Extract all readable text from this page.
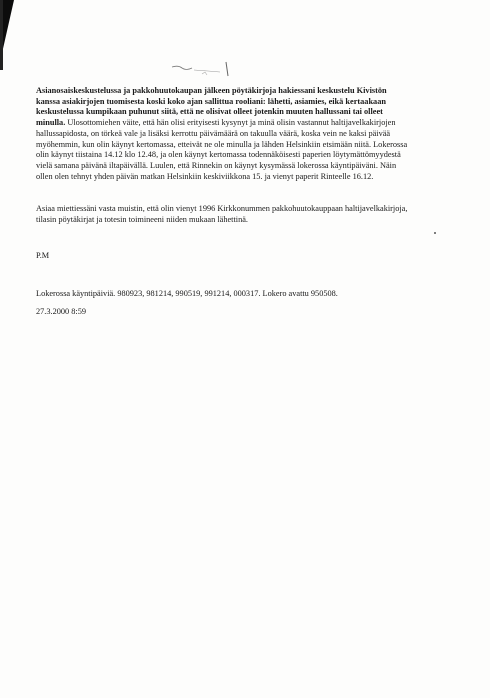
Asianosaiskeskustelussa ja pakkohuutokaupan jälkeen pöytäkirjoja hakiessani keskustelu Kivistön
kanssa asiakirjojen tuomisesta koski koko ajan sallittua rooliani: lähetti, asiamies, eikä kertaakaan
keskustelussa kumpikaan puhunut siitä, että ne olisivat olleet jotenkin muuten hallussani tai olleet
minulla. Ulosottomiehen väite, että hän olisi erityisesti kysynyt ja minä olisin vastannut haltijavelkakirjojen
hallussapidosta, on törkeä vale ja lisäksi kerrottu päivämäärä on takuulla väärä, koska vein ne kaksi päivää
myöhemmin, kun olin käynyt kertomassa, etteivät ne ole minulla ja lähden Helsinkiin etsimään niitä. Lokerossa
olin käynyt tiistaina 14.12 klo 12.48, ja olen käynyt kertomassa todennäköisesti paperien löytymättömyydestä
vielä samana päivänä iltapäivällä. Luulen, että Rinnekin on käynyt kysymässä lokerossa käyntipäiväni. Näin
ollen olen tehnyt yhden päivän matkan Helsinkiin keskiviikkona 15. ja vienyt paperit Rinteelle 16.12.
Asiaa miettiessäni vasta muistin, että olin vienyt 1996 Kirkkonummen pakkohuutokauppaan haltijavelkakirjoja,
tilasin pöytäkirjat ja totesin toimineeni niiden mukaan lähettinä.
P.M
Lokerossa käyntipäiviä. 980923, 981214, 990519, 991214, 000317. Lokero avattu 950508.
27.3.2000 8:59
